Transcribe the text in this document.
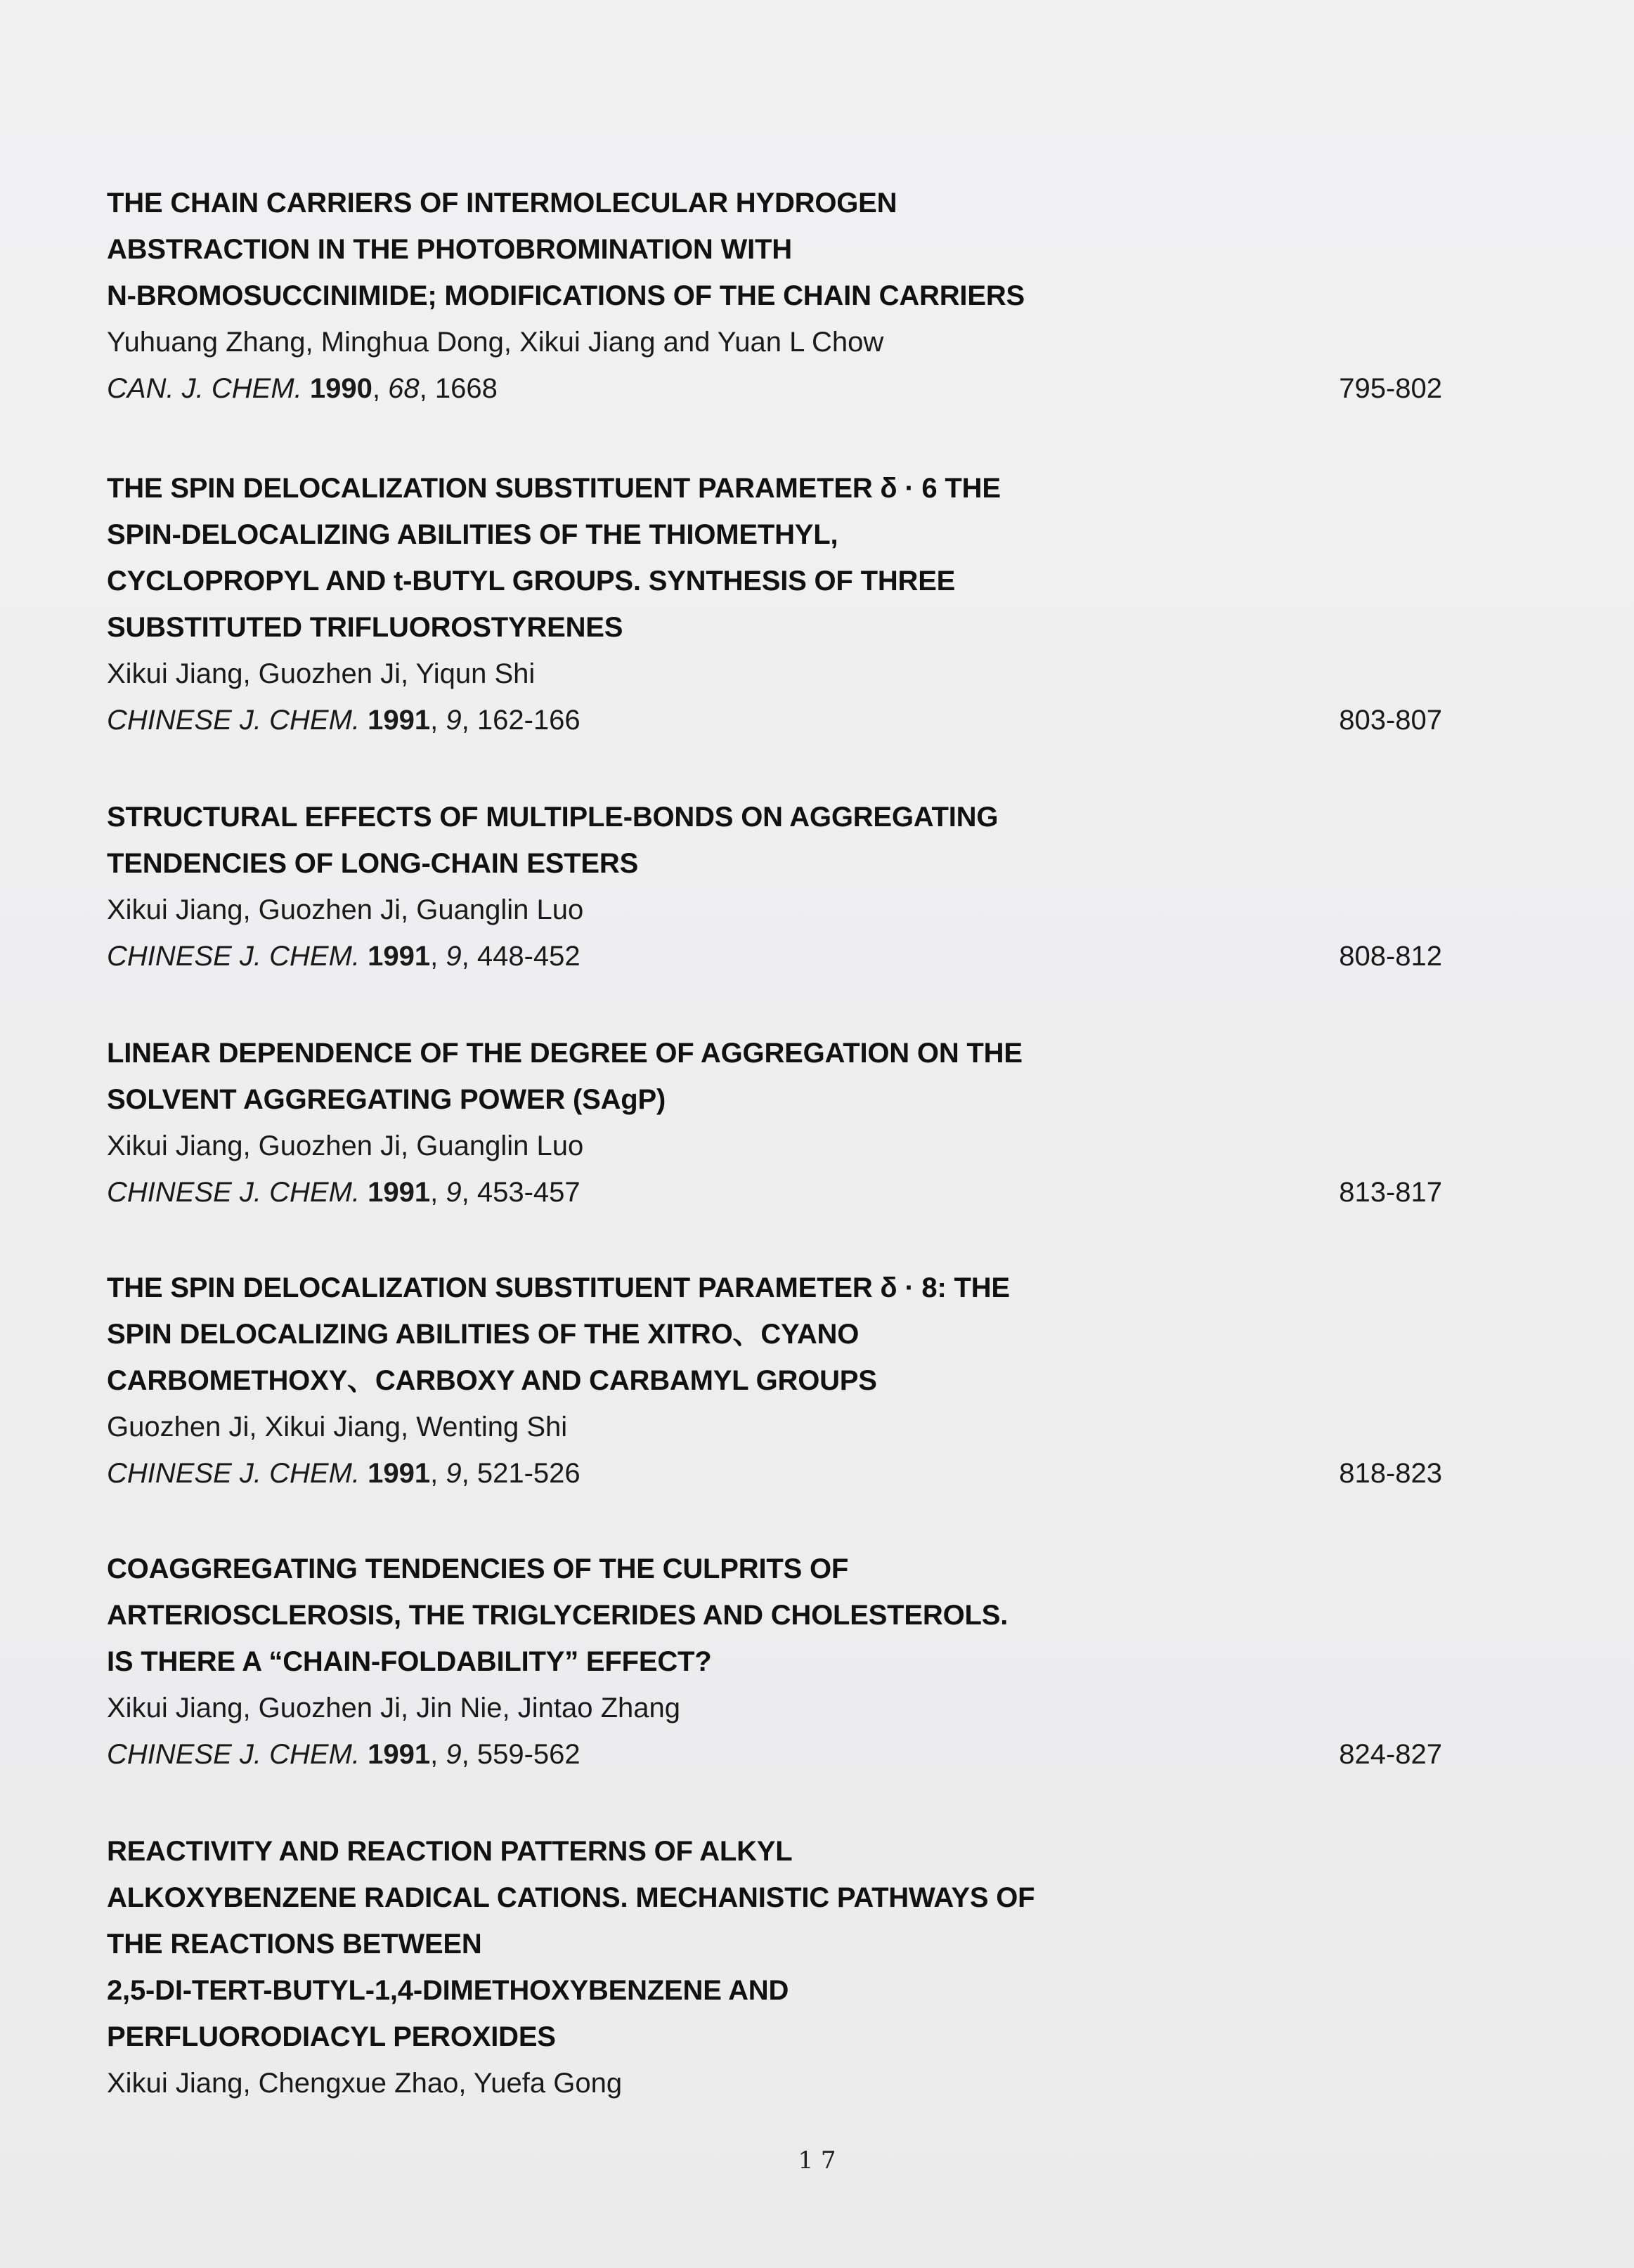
THE CHAIN CARRIERS OF INTERMOLECULAR HYDROGEN
ABSTRACTION IN THE PHOTOBROMINATION WITH
N-BROMOSUCCINIMIDE; MODIFICATIONS OF THE CHAIN CARRIERS
Yuhuang Zhang, Minghua Dong, Xikui Jiang and Yuan L Chow
CAN. J. CHEM. 1990, 68, 1668	795-802
THE SPIN DELOCALIZATION SUBSTITUENT PARAMETER δ · 6 THE
SPIN-DELOCALIZING ABILITIES OF THE THIOMETHYL,
CYCLOPROPYL AND t-BUTYL GROUPS. SYNTHESIS OF THREE
SUBSTITUTED TRIFLUOROSTYRENES
Xikui Jiang, Guozhen Ji, Yiqun Shi
CHINESE J. CHEM. 1991, 9, 162-166	803-807
STRUCTURAL EFFECTS OF MULTIPLE-BONDS ON AGGREGATING
TENDENCIES OF LONG-CHAIN ESTERS
Xikui Jiang, Guozhen Ji, Guanglin Luo
CHINESE J. CHEM. 1991, 9, 448-452	808-812
LINEAR DEPENDENCE OF THE DEGREE OF AGGREGATION ON THE
SOLVENT AGGREGATING POWER (SAgP)
Xikui Jiang, Guozhen Ji, Guanglin Luo
CHINESE J. CHEM. 1991, 9, 453-457	813-817
THE SPIN DELOCALIZATION SUBSTITUENT PARAMETER δ · 8: THE
SPIN DELOCALIZING ABILITIES OF THE XITRO、CYANO
CARBOMETHOXY、CARBOXY AND CARBAMYL GROUPS
Guozhen Ji, Xikui Jiang, Wenting Shi
CHINESE J. CHEM. 1991, 9, 521-526	818-823
COAGGREGATING TENDENCIES OF THE CULPRITS OF
ARTERIOSCLEROSIS, THE TRIGLYCERIDES AND CHOLESTEROLS.
IS THERE A “CHAIN-FOLDABILITY” EFFECT?
Xikui Jiang, Guozhen Ji, Jin Nie, Jintao Zhang
CHINESE J. CHEM. 1991, 9, 559-562	824-827
REACTIVITY AND REACTION PATTERNS OF ALKYL
ALKOXYBENZENE RADICAL CATIONS. MECHANISTIC PATHWAYS OF
THE REACTIONS BETWEEN
2,5-DI-TERT-BUTYL-1,4-DIMETHOXYBENZENE AND
PERFLUORODIACYL PEROXIDES
Xikui Jiang, Chengxue Zhao, Yuefa Gong
1 7
